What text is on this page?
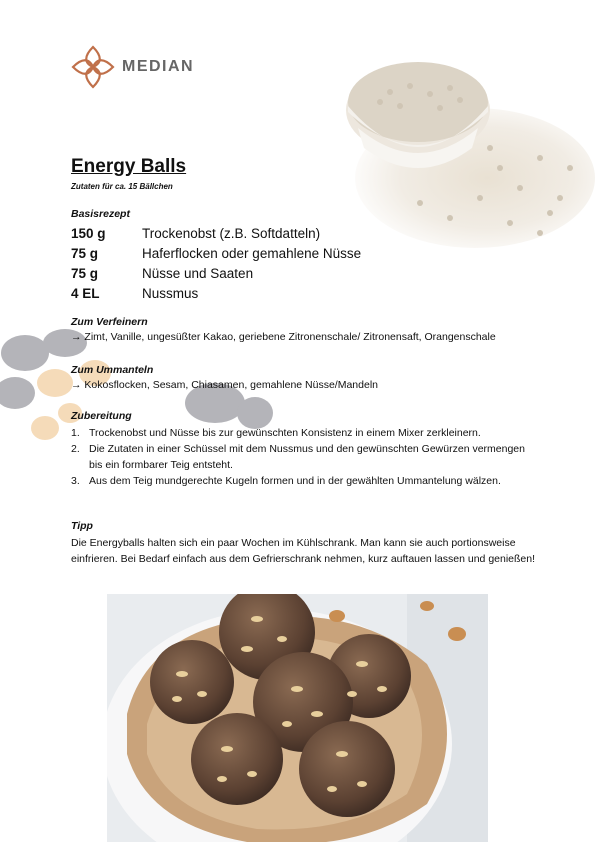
MEDIAN
Energy Balls
Zutaten für ca. 15 Bällchen
Basisrezept
150 g	Trockenobst (z.B. Softdatteln)
75 g	Haferflocken oder gemahlene Nüsse
75 g	Nüsse und Saaten
4 EL	Nussmus
Zum Verfeinern
→ Zimt, Vanille, ungesüßter Kakao, geriebene Zitronenschale/ Zitronensaft, Orangenschale
Zum Ummanteln
→ Kokosflocken, Sesam, Chiasamen, gemahlene Nüsse/Mandeln
Zubereitung
1. Trockenobst und Nüsse bis zur gewünschten Konsistenz in einem Mixer zerkleinern.
2. Die Zutaten in einer Schüssel mit dem Nussmus und den gewünschten Gewürzen vermengen bis ein formbarer Teig entsteht.
3. Aus dem Teig mundgerechte Kugeln formen und in der gewählten Ummantelung wälzen.
Tipp
Die Energyballs halten sich ein paar Wochen im Kühlschrank. Man kann sie auch portionsweise einfrieren. Bei Bedarf einfach aus dem Gefrierschrank nehmen, kurz auftauen lassen und genießen!
